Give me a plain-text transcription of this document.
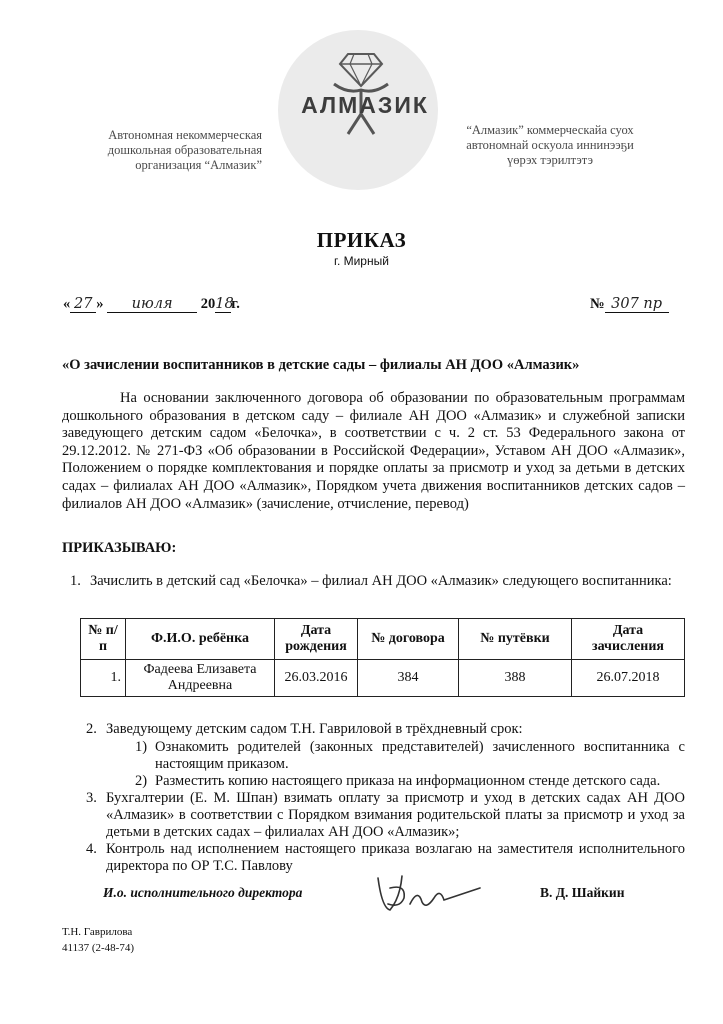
АЛМАЗИК
Автономная некоммерческая
дошкольная образовательная
организация “Алмазик”
“Алмазик” коммерческайа суох
автономнай оскуола иннинээҕи
үөрэх тэрилтэтэ
ПРИКАЗ
г. Мирный
« 27 » июля 2018г.	№ 307 пр
«О зачислении воспитанников в детские сады – филиалы АН ДОО «Алмазик»
На основании заключенного договора об образовании по образовательным программам дошкольного образования в детском саду – филиале АН ДОО «Алмазик» и служебной записки заведующего детским садом «Белочка», в соответствии с ч. 2 ст. 53 Федерального закона от 29.12.2012. № 271-ФЗ «Об образовании в Российской Федерации», Уставом АН ДОО «Алмазик», Положением о порядке комплектования и порядке оплаты за присмотр и уход за детьми в детских садах – филиалах АН ДОО «Алмазик», Порядком учета движения воспитанников детских садов – филиалов АН ДОО «Алмазик» (зачисление, отчисление, перевод)
ПРИКАЗЫВАЮ:
1. Зачислить в детский сад «Белочка» – филиал АН ДОО «Алмазик» следующего воспитанника:
№ п/п	Ф.И.О. ребёнка	Дата рождения	№ договора	№ путёвки	Дата зачисления
1.	Фадеева Елизавета Андреевна	26.03.2016	384	388	26.07.2018
2. Заведующему детским садом Т.Н. Гавриловой в трёхдневный срок:
1) Ознакомить родителей (законных представителей) зачисленного воспитанника с настоящим приказом.
2) Разместить копию настоящего приказа на информационном стенде детского сада.
3. Бухгалтерии (Е. М. Шпан) взимать оплату за присмотр и уход в детских садах АН ДОО «Алмазик» в соответствии с Порядком взимания родительской платы за присмотр и уход за детьми в детских садах – филиалах АН ДОО «Алмазик»;
4. Контроль над исполнением настоящего приказа возлагаю на заместителя исполнительного директора по ОР Т.С. Павлову
И.о. исполнительного директора	В. Д. Шайкин
Т.Н. Гаврилова
41137 (2-48-74)
